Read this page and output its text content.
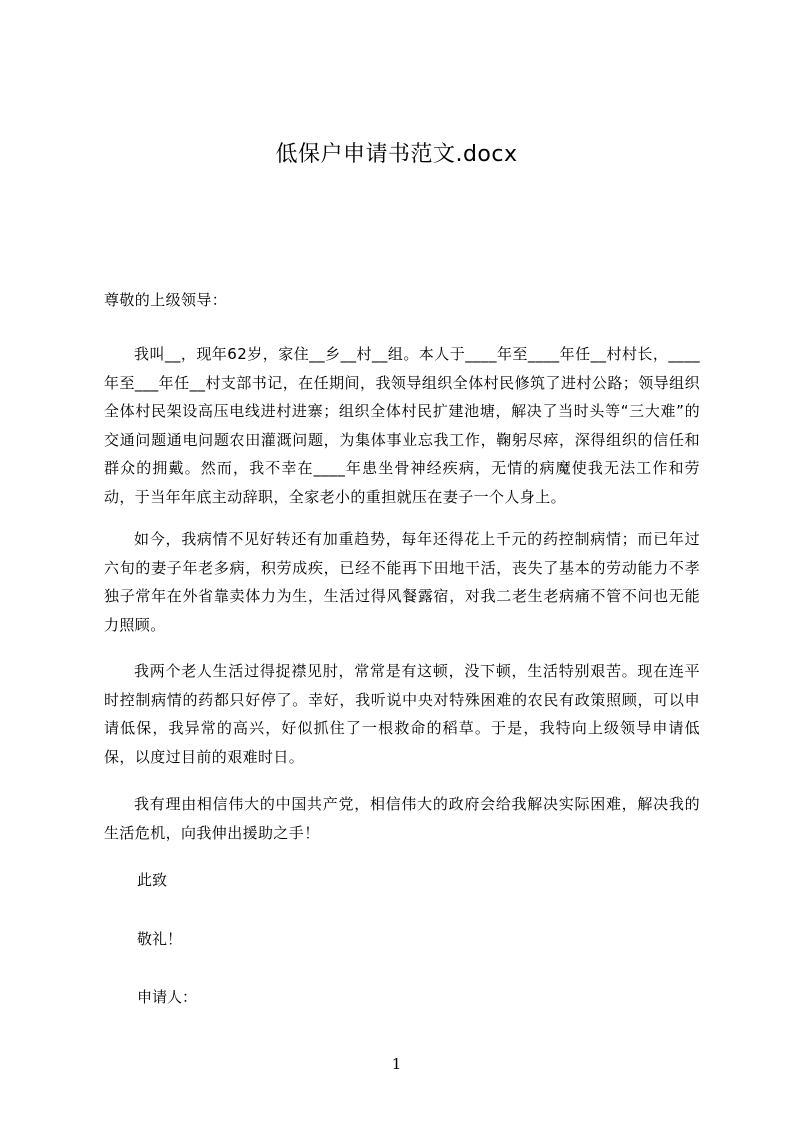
低保户申请书范文.docx
尊敬的上级领导：

我叫__，现年62岁，家住__乡__村__组。本人于____年至____年任__村村长，____年至___年任__村支部书记，在任期间，我领导组织全体村民修筑了进村公路；领导组织全体村民架设高压电线进村进寨；组织全体村民扩建池塘，解决了当时头等“三大难”的交通问题通电问题农田灌溉问题，为集体事业忘我工作，鞠躬尽瘁，深得组织的信任和群众的拥戴。然而，我不幸在____年患坐骨神经疾病，无情的病魔使我无法工作和劳动，于当年年底主动辞职，全家老小的重担就压在妻子一个人身上。

如今，我病情不见好转还有加重趋势，每年还得花上千元的药控制病情；而已年过六旬的妻子年老多病，积劳成疾，已经不能再下田地干活，丧失了基本的劳动能力不孝独子常年在外省靠卖体力为生，生活过得风餐露宿，对我二老生老病痛不管不问也无能力照顾。

我两个老人生活过得捉襟见肘，常常是有这顿，没下顿，生活特别艰苦。现在连平时控制病情的药都只好停了。幸好，我听说中央对特殊困难的农民有政策照顾，可以申请低保，我异常的高兴，好似抓住了一根救命的稻草。于是，我特向上级领导申请低保，以度过目前的艰难时日。

我有理由相信伟大的中国共产党，相信伟大的政府会给我解决实际困难，解决我的生活危机，向我伸出援助之手！

此致
敬礼！
申请人：
1
